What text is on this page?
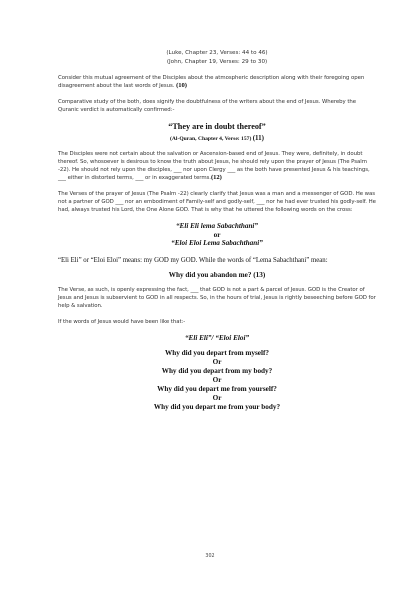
(Luke, Chapter 23, Verses: 44 to 46)

(John, Chapter 19, Verses: 29 to 30)

Consider this mutual agreement of the Disciples about the atmospheric description along with their foregoing open disagreement about the last words of Jesus. (10)

Comparative study of the both, does signify the doubtfulness of the writers about the end of Jesus. Whereby the Quranic verdict is automatically confirmed:-

“They are in doubt thereof”

(Al-Quran, Chapter 4, Verse: 157) (11)

The Disciples were not certain about the salvation or Ascension-based end of Jesus. They were, definitely, in doubt thereof. So, whosoever is desirous to know the truth about Jesus, he should rely upon the prayer of Jesus (The Psalm -22). He should not rely upon the disciples, ___ nor upon Clergy ___ as the both have presented Jesus & his teachings, ___ either in distorted terms, ___ or in exaggerated terms.(12)

The Verses of the prayer of Jesus (The Psalm -22) clearly clarify that Jesus was a man and a messenger of GOD. He was not a partner of GOD ___ nor an embodiment of Family-self and godly-self, ___ nor he had ever trusted his godly-self. He had, always trusted his Lord, the One Alone GOD. That is why that he uttered the following words on the cross:

“Eli Eli lema Sabachthani”

or

“Eloi Eloi Lema Sabachthani”

“Eli Eli” or “Eloi Eloi” means: my GOD my GOD. While the words of “Lema Sabachthani” mean:

Why did you abandon me? (13)

The Verse, as such, is openly expressing the fact, ___ that GOD is not a part & parcel of Jesus. GOD is the Creator of Jesus and Jesus is subservient to GOD in all respects. So, in the hours of trial, Jesus is rightly beseeching before GOD for help & salvation.

If the words of Jesus would have been like that:-

“Eli Eli”/ “Eloi Eloi”

Why did you depart from myself?

Or

Why did you depart from my body?

Or

Why did you depart me from yourself?

Or

Why did you depart me from your body?

302
